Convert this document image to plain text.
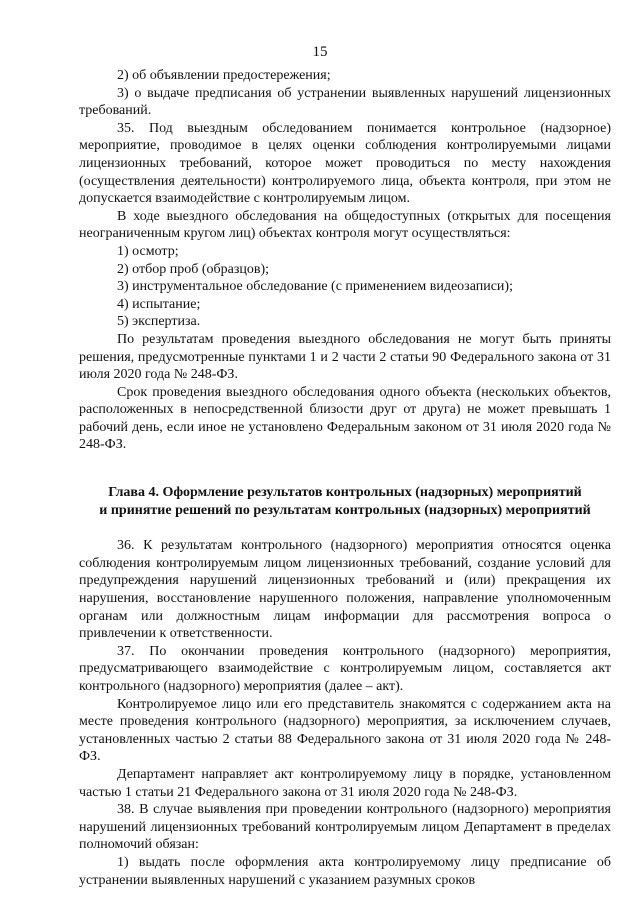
15

2) об объявлении предостережения;

3) о выдаче предписания об устранении выявленных нарушений лицензионных требований.

35. Под выездным обследованием понимается контрольное (надзорное) мероприятие, проводимое в целях оценки соблюдения контролируемыми лицами лицензионных требований, которое может проводиться по месту нахождения (осуществления деятельности) контролируемого лица, объекта контроля, при этом не допускается взаимодействие с контролируемым лицом.

В ходе выездного обследования на общедоступных (открытых для посещения неограниченным кругом лиц) объектах контроля могут осуществляться:

1) осмотр;

2) отбор проб (образцов);

3) инструментальное обследование (с применением видеозаписи);

4) испытание;

5) экспертиза.

По результатам проведения выездного обследования не могут быть приняты решения, предусмотренные пунктами 1 и 2 части 2 статьи 90 Федерального закона от 31 июля 2020 года № 248-ФЗ.

Срок проведения выездного обследования одного объекта (нескольких объектов, расположенных в непосредственной близости друг от друга) не может превышать 1 рабочий день, если иное не установлено Федеральным законом от 31 июля 2020 года № 248-ФЗ.

Глава 4. Оформление результатов контрольных (надзорных) мероприятий
и принятие решений по результатам контрольных (надзорных) мероприятий

36. К результатам контрольного (надзорного) мероприятия относятся оценка соблюдения контролируемым лицом лицензионных требований, создание условий для предупреждения нарушений лицензионных требований и (или) прекращения их нарушения, восстановление нарушенного положения, направление уполномоченным органам или должностным лицам информации для рассмотрения вопроса о привлечении к ответственности.

37. По окончании проведения контрольного (надзорного) мероприятия, предусматривающего взаимодействие с контролируемым лицом, составляется акт контрольного (надзорного) мероприятия (далее – акт).

Контролируемое лицо или его представитель знакомятся с содержанием акта на месте проведения контрольного (надзорного) мероприятия, за исключением случаев, установленных частью 2 статьи 88 Федерального закона от 31 июля 2020 года № 248-ФЗ.

Департамент направляет акт контролируемому лицу в порядке, установленном частью 1 статьи 21 Федерального закона от 31 июля 2020 года № 248-ФЗ.

38. В случае выявления при проведении контрольного (надзорного) мероприятия нарушений лицензионных требований контролируемым лицом Департамент в пределах полномочий обязан:

1) выдать после оформления акта контролируемому лицу предписание об устранении выявленных нарушений с указанием разумных сроков
